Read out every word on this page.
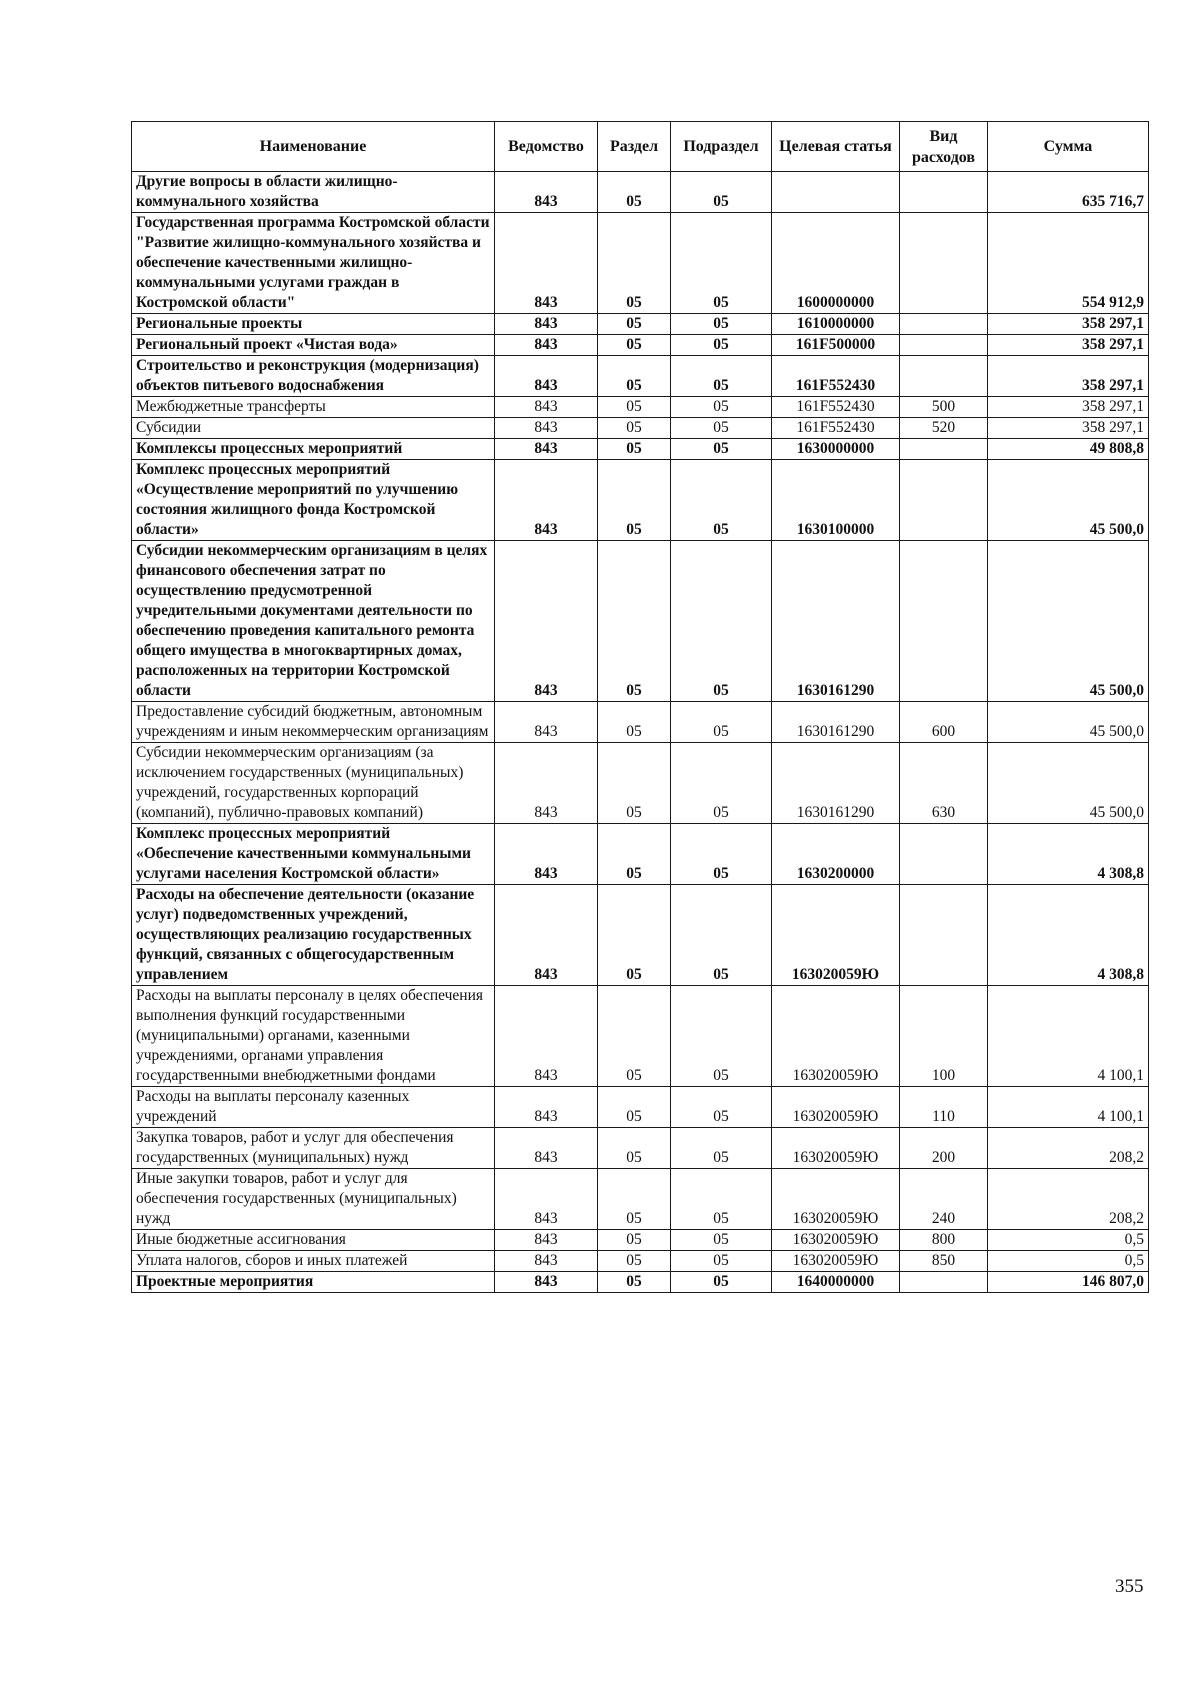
Наименование	Ведомство	Раздел	Подраздел	Целевая статья	Вид расходов	Сумма
Другие вопросы в области жилищно-коммунального хозяйства	843	05	05			635 716,7
Государственная программа Костромской области "Развитие жилищно-коммунального хозяйства и обеспечение качественными жилищно-коммунальными услугами граждан в Костромской области"	843	05	05	1600000000		554 912,9
Региональные проекты	843	05	05	1610000000		358 297,1
Региональный проект «Чистая вода»	843	05	05	161F500000		358 297,1
Строительство и реконструкция (модернизация) объектов питьевого водоснабжения	843	05	05	161F552430		358 297,1
Межбюджетные трансферты	843	05	05	161F552430	500	358 297,1
Субсидии	843	05	05	161F552430	520	358 297,1
Комплексы процессных мероприятий	843	05	05	1630000000		49 808,8
Комплекс процессных мероприятий «Осуществление мероприятий по улучшению состояния жилищного фонда Костромской области»	843	05	05	1630100000		45 500,0
Субсидии некоммерческим организациям в целях финансового обеспечения затрат по осуществлению предусмотренной учредительными документами деятельности по обеспечению проведения капитального ремонта общего имущества в многоквартирных домах, расположенных на территории Костромской области	843	05	05	1630161290		45 500,0
Предоставление субсидий бюджетным, автономным учреждениям и иным некоммерческим организациям	843	05	05	1630161290	600	45 500,0
Субсидии некоммерческим организациям (за исключением государственных (муниципальных) учреждений, государственных корпораций (компаний), публично-правовых компаний)	843	05	05	1630161290	630	45 500,0
Комплекс процессных мероприятий «Обеспечение качественными коммунальными услугами населения Костромской области»	843	05	05	1630200000		4 308,8
Расходы на обеспечение деятельности (оказание услуг) подведомственных учреждений, осуществляющих реализацию государственных функций, связанных с общегосударственным управлением	843	05	05	163020059Ю		4 308,8
Расходы на выплаты персоналу в целях обеспечения выполнения функций государственными (муниципальными) органами, казенными учреждениями, органами управления государственными внебюджетными фондами	843	05	05	163020059Ю	100	4 100,1
Расходы на выплаты персоналу казенных учреждений	843	05	05	163020059Ю	110	4 100,1
Закупка товаров, работ и услуг для обеспечения государственных (муниципальных) нужд	843	05	05	163020059Ю	200	208,2
Иные закупки товаров, работ и услуг для обеспечения государственных (муниципальных) нужд	843	05	05	163020059Ю	240	208,2
Иные бюджетные ассигнования	843	05	05	163020059Ю	800	0,5
Уплата налогов, сборов и иных платежей	843	05	05	163020059Ю	850	0,5
Проектные мероприятия	843	05	05	1640000000		146 807,0
355
